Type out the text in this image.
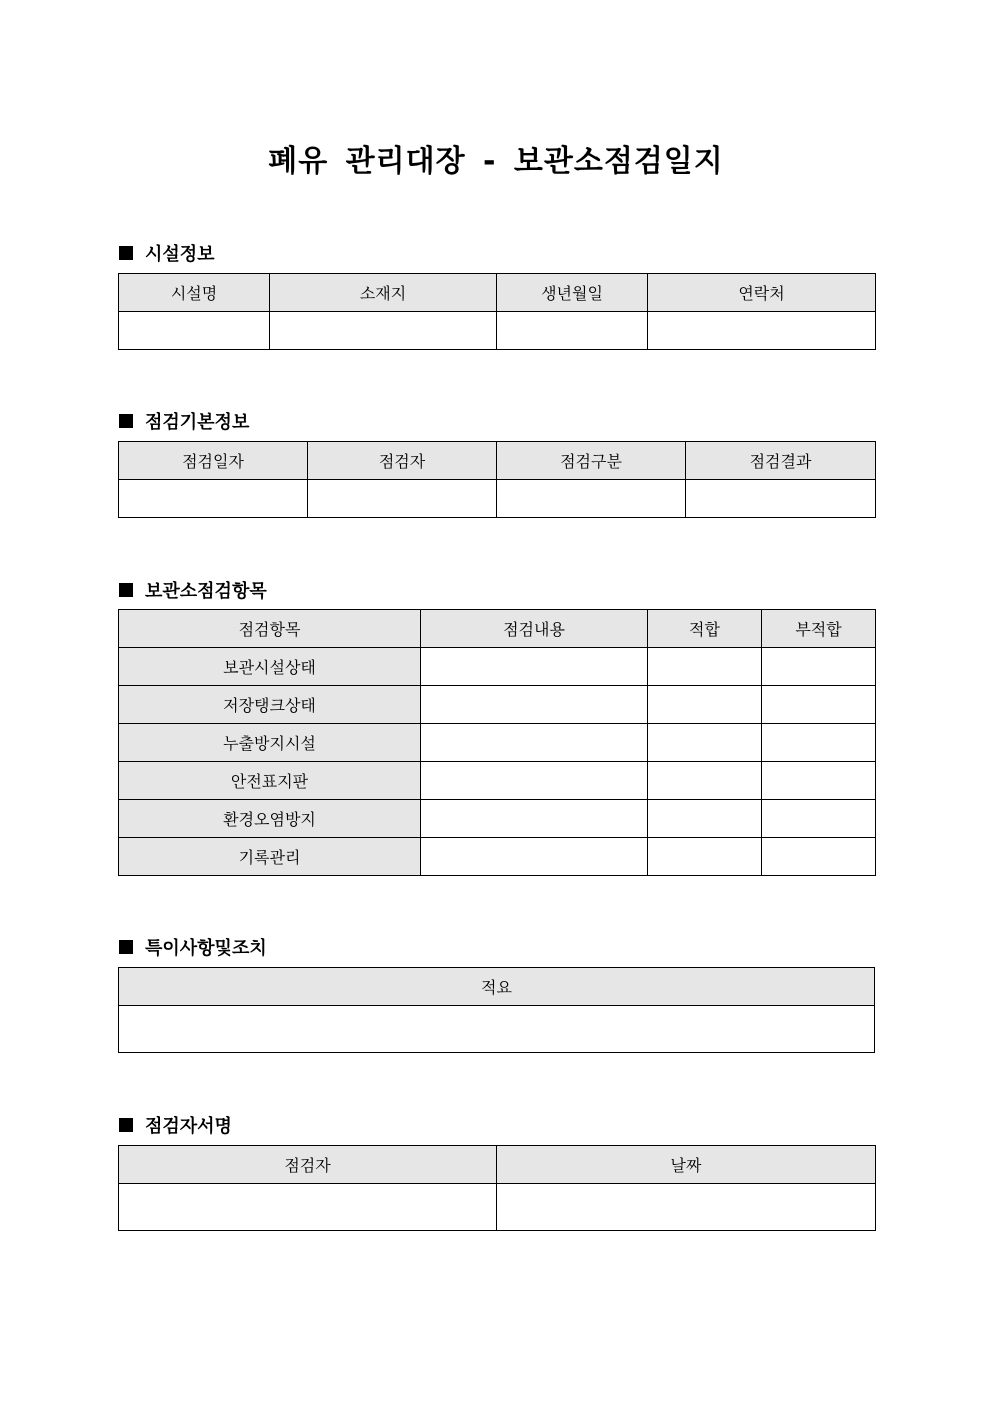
폐유 관리대장 - 보관소점검일지
시설정보
시설명	소재지	생년월일	연락처

점검기본정보
점검일자	점검자	점검구분	점검결과

보관소점검항목
점검항목	점검내용	적합	부적합
보관시설상태			
저장탱크상태			
누출방지시설			
안전표지판			
환경오염방지			
기록관리			
특이사항및조치
적요

점검자서명
점검자	날짜
